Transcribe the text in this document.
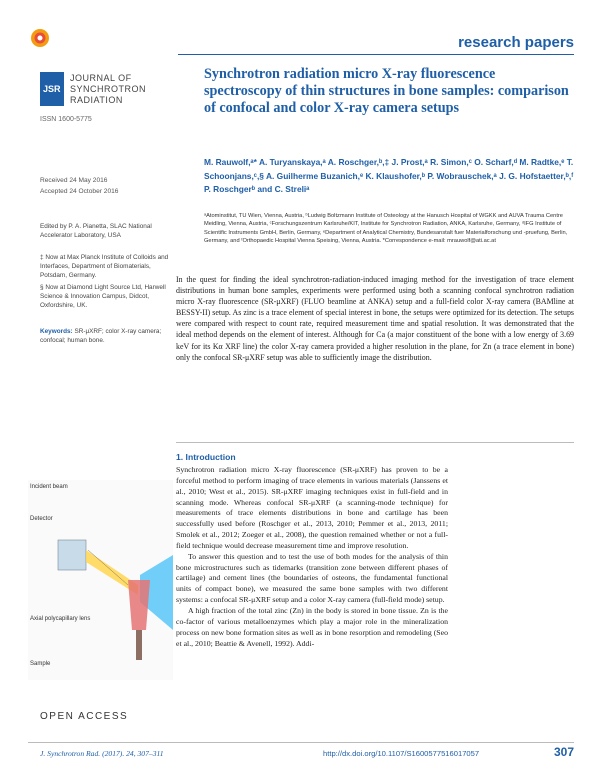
research papers
JSR
JOURNAL OF
SYNCHROTRON
RADIATION
ISSN 1600-5775
Synchrotron radiation micro X-ray fluorescence spectroscopy of thin structures in bone samples: comparison of confocal and color X-ray camera setups
M. Rauwolf,ᵃ* A. Turyanskaya,ᵃ A. Roschger,ᵇ,‡ J. Prost,ᵃ R. Simon,ᶜ O. Scharf,ᵈ M. Radtke,ᵉ T. Schoonjans,ᶜ,§ A. Guilherme Buzanich,ᵉ K. Klaushofer,ᵇ P. Wobrauschek,ᵃ J. G. Hofstaetter,ᵇ,ᶠ P. Roschgerᵇ and C. Streliᵃ
Received 24 May 2016
Accepted 24 October 2016
Edited by P. A. Pianetta, SLAC National Accelerator Laboratory, USA
‡ Now at Max Planck Institute of Colloids and Interfaces, Department of Biomaterials, Potsdam, Germany.
§ Now at Diamond Light Source Ltd, Harwell Science & Innovation Campus, Didcot, Oxfordshire, UK.
Keywords: SR-μXRF; color X-ray camera; confocal; human bone.
ᵃAtominstitut, TU Wien, Vienna, Austria, ᵇLudwig Boltzmann Institute of Osteology at the Hanusch Hospital of WGKK and AUVA Trauma Centre Meidling, Vienna, Austria, ᶜForschungszentrum Karlsruhe/KIT, Institute for Synchrotron Radiation, ANKA, Karlsruhe, Germany, ᵈIFG Institute of Scientific Instruments GmbH, Berlin, Germany, ᵉDepartment of Analytical Chemistry, Bundesanstalt fuer Materialforschung und -pruefung, Berlin, Germany, and ᶠOrthopaedic Hospital Vienna Speising, Vienna, Austria. *Correspondence e-mail: mrauwolf@ati.ac.at
In the quest for finding the ideal synchrotron-radiation-induced imaging method for the investigation of trace element distributions in human bone samples, experiments were performed using both a scanning confocal synchrotron radiation micro X-ray fluorescence (SR-μXRF) (FLUO beamline at ANKA) setup and a full-field color X-ray camera (BAMline at BESSY-II) setup. As zinc is a trace element of special interest in bone, the setups were optimized for its detection. The setups were compared with respect to count rate, required measurement time and spatial resolution. It was demonstrated that the ideal method depends on the element of interest. Although for Ca (a major constituent of the bone with a low energy of 3.69 keV for its Kα XRF line) the color X-ray camera provided a higher resolution in the plane, for Zn (a trace element in bone) only the confocal SR-μXRF setup was able to sufficiently image the distribution.
1. Introduction

Synchrotron radiation micro X-ray fluorescence (SR-μXRF) has proven to be a forceful method to perform imaging of trace elements in various materials (Janssens et al., 2010; West et al., 2015). SR-μXRF imaging techniques exist in full-field and in scanning mode. Whereas confocal SR-μXRF (a scanning-mode technique) for measurements of trace elements distributions in bone and cartilage has been successfully used before (Roschger et al., 2013, 2010; Pemmer et al., 2013, 2011; Smolek et al., 2012; Zoeger et al., 2008), the question remained whether or not a full-field technique would decrease measurement time and improve resolution.

To answer this question and to test the use of both modes for the analysis of thin bone microstructures such as tidemarks (transition zone between different phases of cartilage) and cement lines (the boundaries of osteons, the fundamental functional units of compact bone), we measured the same bone samples with two different systems: a confocal SR-μXRF setup and a color X-ray camera (full-field mode) setup.

A high fraction of the total zinc (Zn) in the body is stored in bone tissue. Zn is the co-factor of various metalloenzymes which play a major role in the mineralization process on new bone formation sites as well as in bone resorption and remodeling (Seo et al., 2010; Beattie & Avenell, 1992). Addi-

Incident beam
Detector
Axial polycapillary lens
Sample
OPEN ACCESS
J. Synchrotron Rad. (2017). 24, 307–311	http://dx.doi.org/10.1107/S1600577516017057	307
